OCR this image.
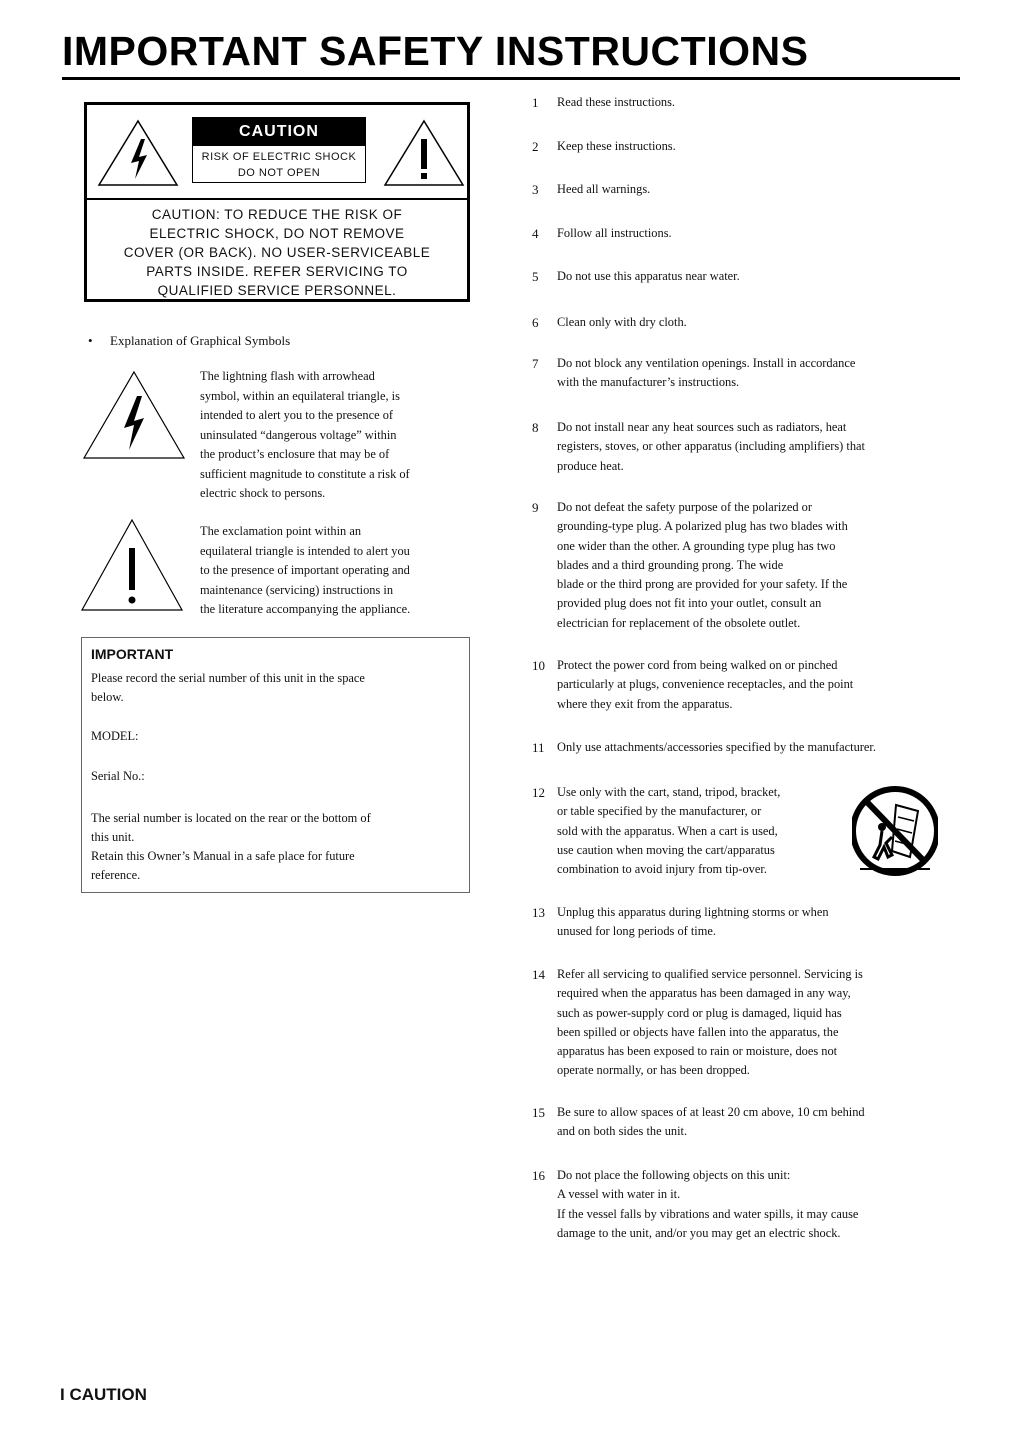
IMPORTANT SAFETY INSTRUCTIONS
CAUTION
RISK OF ELECTRIC SHOCK
DO NOT OPEN
CAUTION: TO REDUCE THE RISK OF
ELECTRIC SHOCK, DO NOT REMOVE
COVER (OR BACK). NO USER-SERVICEABLE
PARTS INSIDE. REFER SERVICING TO
QUALIFIED SERVICE PERSONNEL.
• Explanation of Graphical Symbols
The lightning flash with arrowhead
symbol, within an equilateral triangle, is
intended to alert you to the presence of
uninsulated “dangerous voltage” within
the product’s enclosure that may be of
sufficient magnitude to constitute a risk of
electric shock to persons.
The exclamation point within an
equilateral triangle is intended to alert you
to the presence of important operating and
maintenance (servicing) instructions in
the literature accompanying the appliance.
IMPORTANT
Please record the serial number of this unit in the space
below.
MODEL:
Serial No.:
The serial number is located on the rear or the bottom of
this unit.
Retain this Owner’s Manual in a safe place for future
reference.
1 Read these instructions.
2 Keep these instructions.
3 Heed all warnings.
4 Follow all instructions.
5 Do not use this apparatus near water.
6 Clean only with dry cloth.
7 Do not block any ventilation openings. Install in accordance
with the manufacturer’s instructions.
8 Do not install near any heat sources such as radiators, heat
registers, stoves, or other apparatus (including amplifiers) that
produce heat.
9 Do not defeat the safety purpose of the polarized or
grounding-type plug. A polarized plug has two blades with
one wider than the other. A grounding type plug has two
blades and a third grounding prong. The wide
blade or the third prong are provided for your safety. If the
provided plug does not fit into your outlet, consult an
electrician for replacement of the obsolete outlet.
10 Protect the power cord from being walked on or pinched
particularly at plugs, convenience receptacles, and the point
where they exit from the apparatus.
11 Only use attachments/accessories specified by the manufacturer.
12 Use only with the cart, stand, tripod, bracket,
or table specified by the manufacturer, or
sold with the apparatus. When a cart is used,
use caution when moving the cart/apparatus
combination to avoid injury from tip-over.
13 Unplug this apparatus during lightning storms or when
unused for long periods of time.
14 Refer all servicing to qualified service personnel. Servicing is
required when the apparatus has been damaged in any way,
such as power-supply cord or plug is damaged, liquid has
been spilled or objects have fallen into the apparatus, the
apparatus has been exposed to rain or moisture, does not
operate normally, or has been dropped.
15 Be sure to allow spaces of at least 20 cm above, 10 cm behind
and on both sides the unit.
16 Do not place the following objects on this unit:
A vessel with water in it.
If the vessel falls by vibrations and water spills, it may cause
damage to the unit, and/or you may get an electric shock.
I CAUTION
